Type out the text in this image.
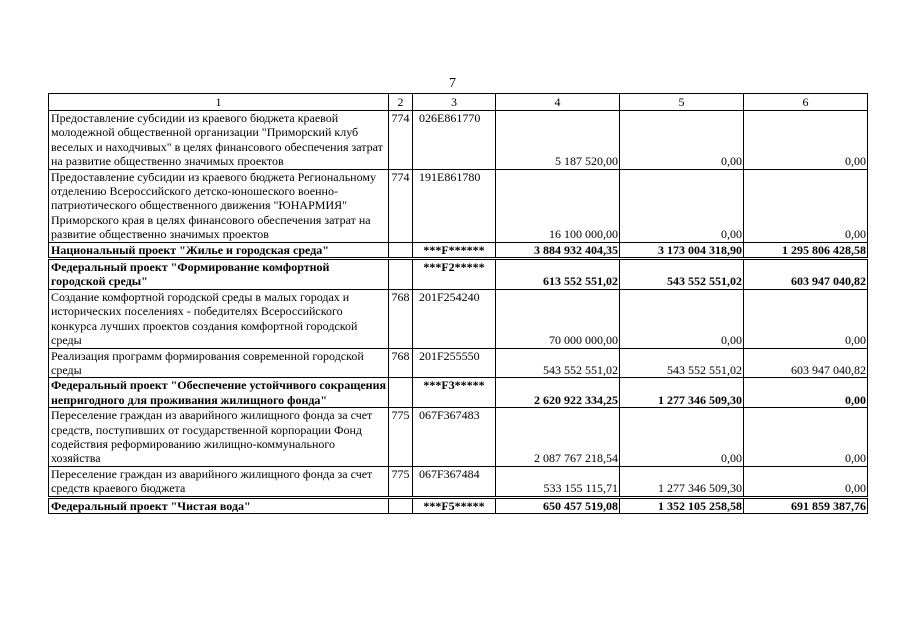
7
1	2	3	4	5	6
Предоставление субсидии из краевого бюджета краевой молодежной общественной организации "Приморский клуб веселых и находчивых" в целях финансового обеспечения затрат на развитие общественно значимых проектов	774	026E861770	5 187 520,00	0,00	0,00
Предоставление субсидии из краевого бюджета Региональному отделению Всероссийского детско-юношеского военно-патриотического общественного движения "ЮНАРМИЯ" Приморского края в целях финансового обеспечения затрат на развитие общественно значимых проектов	774	191E861780	16 100 000,00	0,00	0,00
Национальный проект "Жилье и городская среда"		***F******	3 884 932 404,35	3 173 004 318,90	1 295 806 428,58
Федеральный проект "Формирование комфортной городской среды"		***F2*****	613 552 551,02	543 552 551,02	603 947 040,82
Создание комфортной городской среды в малых городах и исторических поселениях - победителях Всероссийского конкурса лучших проектов создания комфортной городской среды	768	201F254240	70 000 000,00	0,00	0,00
Реализация программ формирования современной городской среды	768	201F255550	543 552 551,02	543 552 551,02	603 947 040,82
Федеральный проект "Обеспечение устойчивого сокращения непригодного для проживания жилищного фонда"		***F3*****	2 620 922 334,25	1 277 346 509,30	0,00
Переселение граждан из аварийного жилищного фонда за счет средств, поступивших от государственной корпорации Фонд содействия реформированию жилищно-коммунального хозяйства	775	067F367483	2 087 767 218,54	0,00	0,00
Переселение граждан из аварийного жилищного фонда за счет средств краевого бюджета	775	067F367484	533 155 115,71	1 277 346 509,30	0,00
Федеральный проект "Чистая вода"		***F5*****	650 457 519,08	1 352 105 258,58	691 859 387,76
